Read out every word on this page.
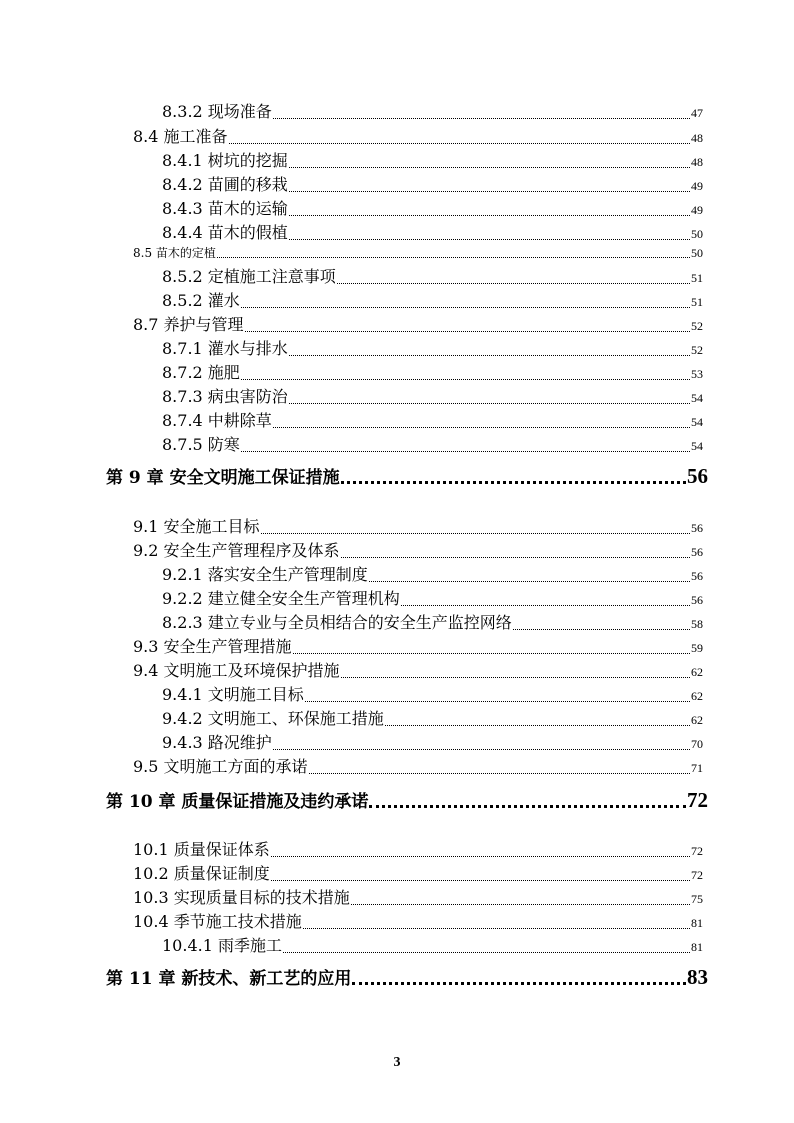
8.3.2 现场准备	47
8.4 施工准备	48
8.4.1 树坑的挖掘	48
8.4.2 苗圃的移栽	49
8.4.3 苗木的运输	49
8.4.4 苗木的假植	50
8.5 苗木的定植	50
8.5.2 定植施工注意事项	51
8.5.2 灌水	51
8.7 养护与管理	52
8.7.1 灌水与排水	52
8.7.2 施肥	53
8.7.3 病虫害防治	54
8.7.4 中耕除草	54
8.7.5 防寒	54
第 9 章 安全文明施工保证措施	56
9.1 安全施工目标	56
9.2 安全生产管理程序及体系	56
9.2.1 落实安全生产管理制度	56
9.2.2 建立健全安全生产管理机构	56
8.2.3 建立专业与全员相结合的安全生产监控网络	58
9.3 安全生产管理措施	59
9.4 文明施工及环境保护措施	62
9.4.1 文明施工目标	62
9.4.2 文明施工、环保施工措施	62
9.4.3 路况维护	70
9.5 文明施工方面的承诺	71
第 10 章 质量保证措施及违约承诺	72
10.1 质量保证体系	72
10.2 质量保证制度	72
10.3 实现质量目标的技术措施	75
10.4 季节施工技术措施	81
10.4.1 雨季施工	81
第 11 章 新技术、新工艺的应用	83
3
